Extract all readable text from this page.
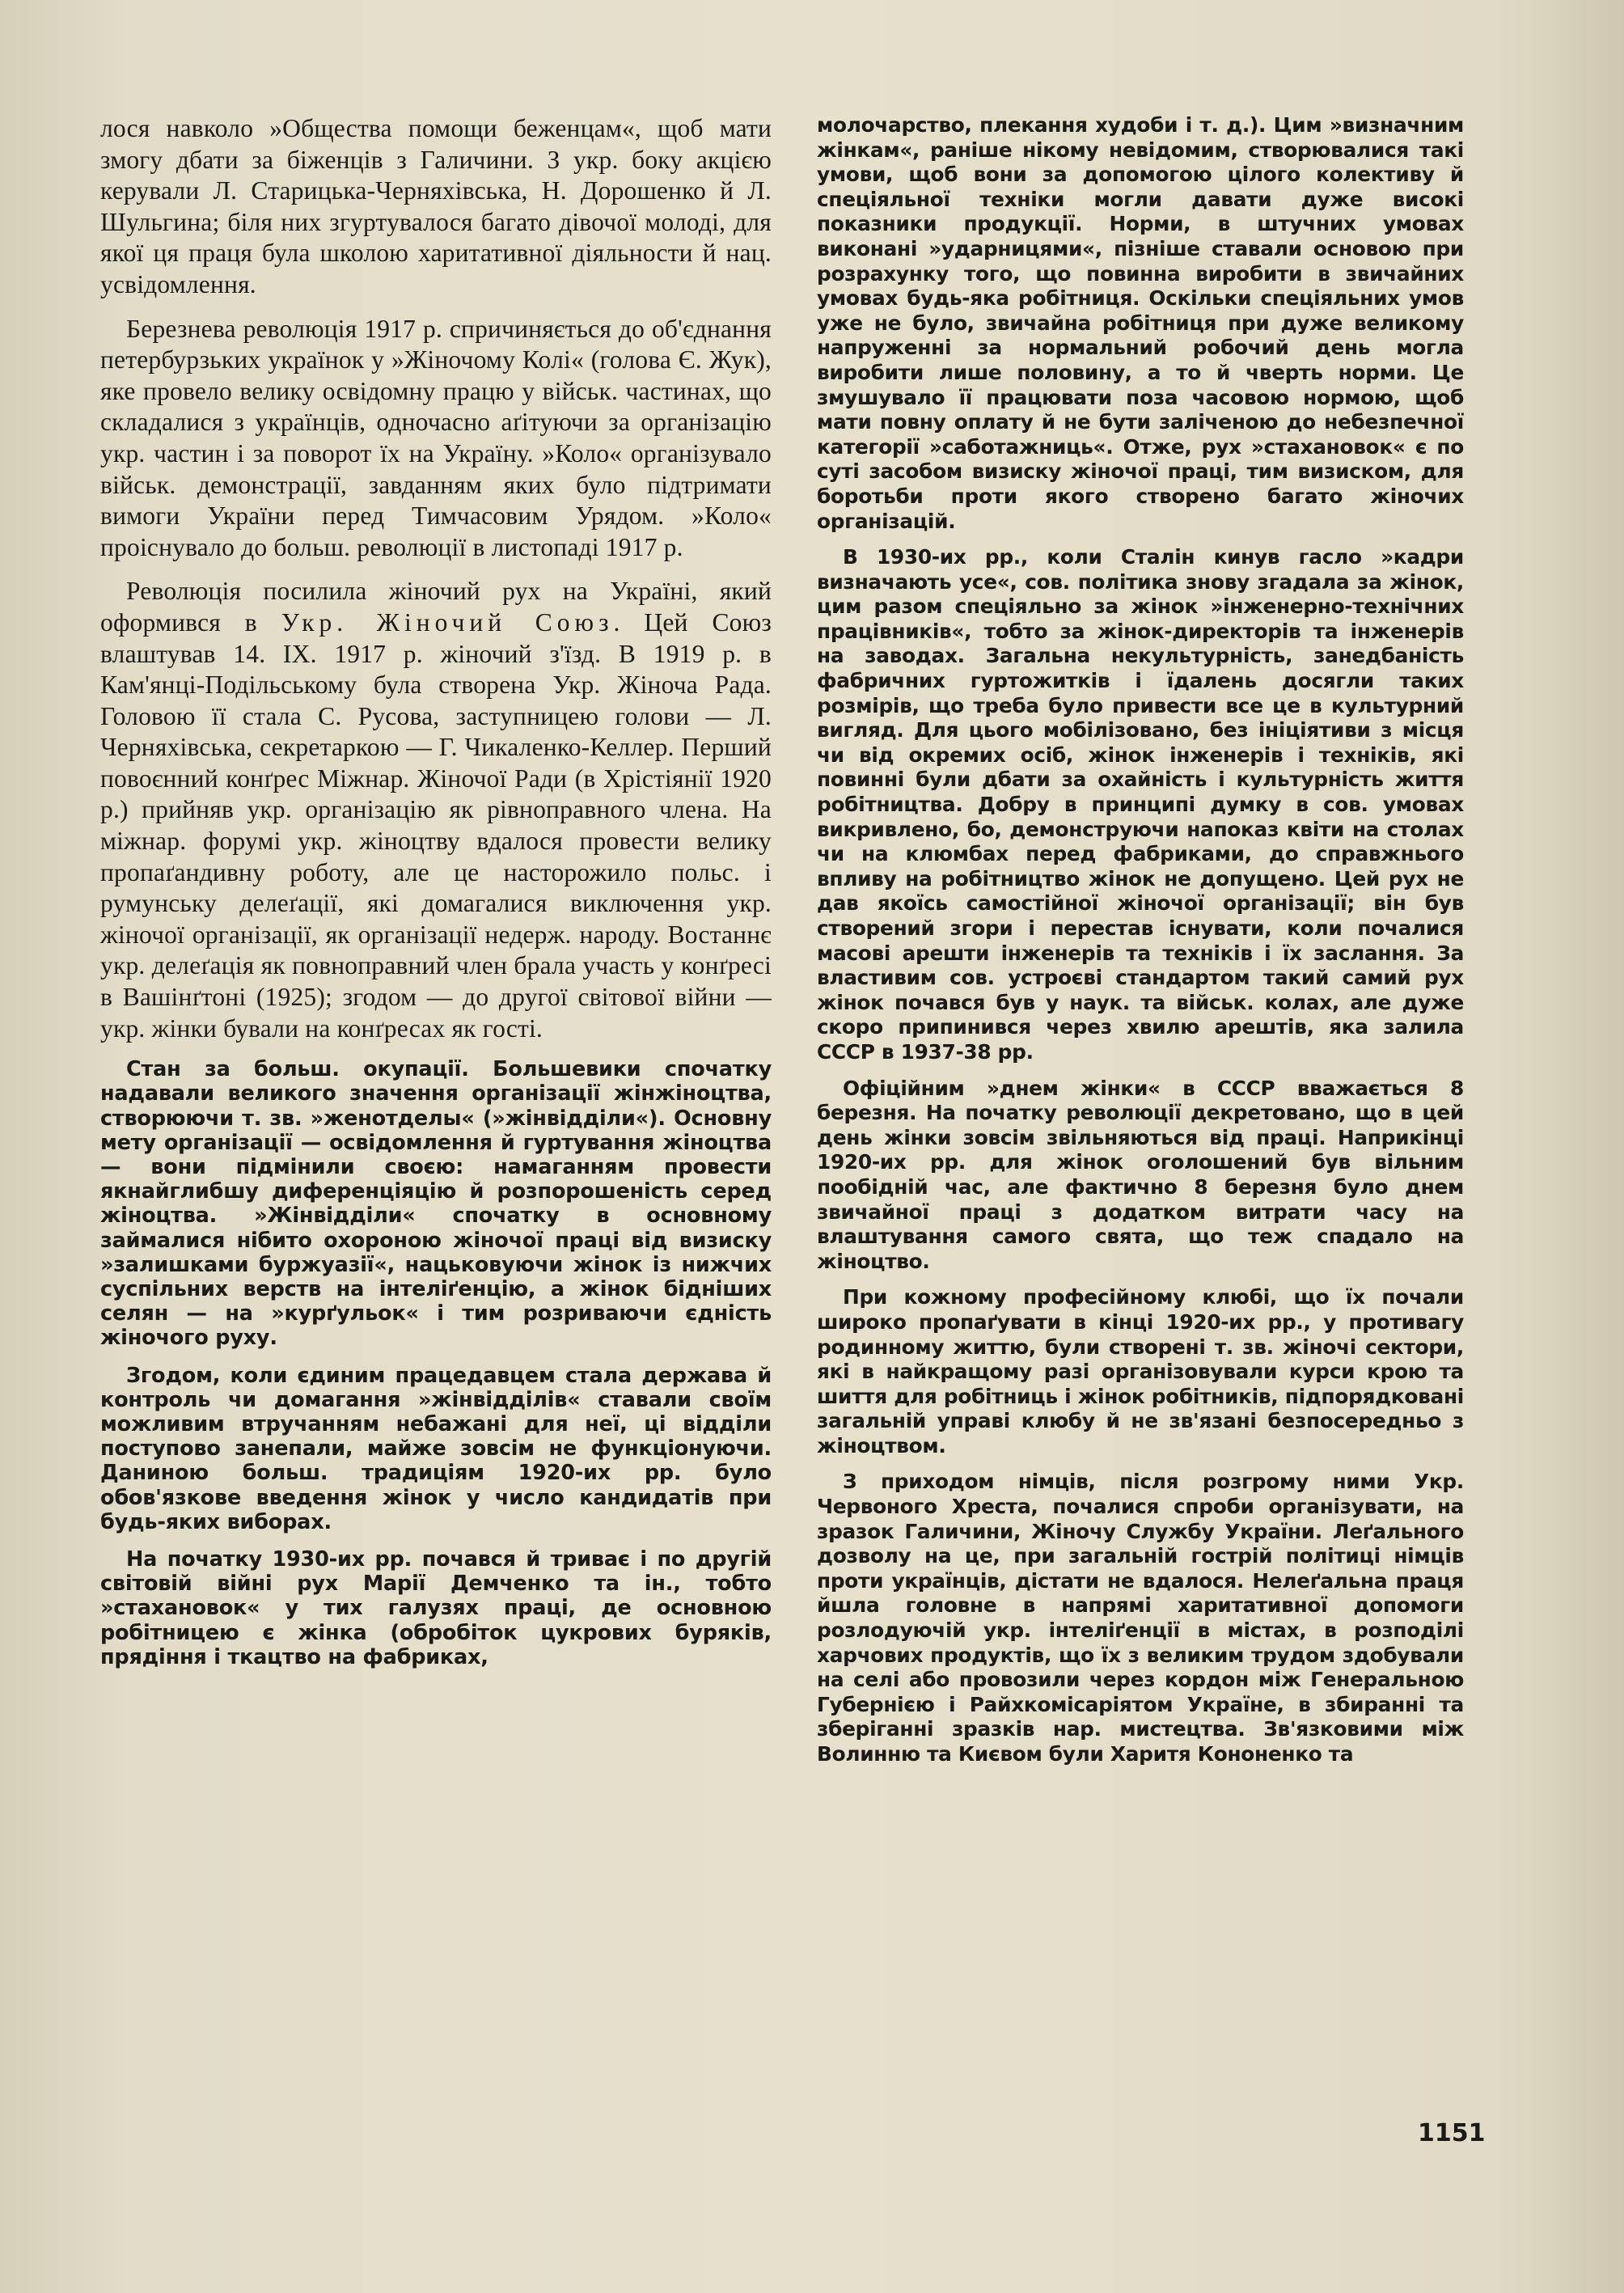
лося навколо »Общества помощи беженцам«, щоб мати змогу дбати за біженців з Галичини. З укр. боку акцією керували Л. Старицька-Черняхівська, Н. Дорошенко й Л. Шульгина; біля них згуртувалося багато дівочої молоді, для якої ця праця була школою харитативної діяльности й нац. усвідомлення.

Березнева революція 1917 р. спричиняється до об'єднання петербурзьких українок у »Жіночому Колі« (голова Є. Жук), яке провело велику освідомну працю у військ. частинах, що складалися з українців, одночасно аґітуючи за організацію укр. частин і за поворот їх на Україну. »Коло« організувало військ. демонстрації, завданням яких було підтримати вимоги України перед Тимчасовим Урядом. »Коло« проіснувало до больш. революції в листопаді 1917 р.

Революція посилила жіночий рух на Україні, який оформився в Укр. Жіночий Союз. Цей Союз влаштував 14. IX. 1917 р. жіночий з'їзд. В 1919 р. в Кам'янці-Подільському була створена Укр. Жіноча Рада. Головою її стала С. Русова, заступницею голови — Л. Черняхівська, секретаркою — Г. Чикаленко-Келлер. Перший повоєнний конґрес Міжнар. Жіночої Ради (в Хрістіянії 1920 р.) прийняв укр. організацію як рівноправного члена. На міжнар. форумі укр. жіноцтву вдалося провести велику пропаґандивну роботу, але це насторожило польс. і румунську делеґації, які домагалися виключення укр. жіночої організації, як організації недерж. народу. Востаннє укр. делеґація як повноправний член брала участь у конґресі в Вашінґтоні (1925); згодом — до другої світової війни — укр. жінки бували на конґресах як гості.

Стан за больш. окупації. Большевики спочатку надавали великого значення організації жінжіноцтва, створюючи т. зв. »женотделы« (»жінвідділи«). Основну мету організації — освідомлення й гуртування жіноцтва — вони підмінили своєю: намаганням провести якнайглибшу диференціяцію й розпорошеність серед жіноцтва. »Жінвідділи« спочатку в основному займалися нібито охороною жіночої праці від визиску »залишками буржуазії«, нацьковуючи жінок із нижчих суспільних верств на інтеліґенцію, а жінок бідніших селян — на »курґульок« і тим розриваючи єдність жіночого руху.

Згодом, коли єдиним працедавцем стала держава й контроль чи домагання »жінвідділів« ставали своїм можливим втручанням небажані для неї, ці відділи поступово занепали, майже зовсім не функціонуючи. Даниною больш. традиціям 1920-их рр. було обов'язкове введення жінок у число кандидатів при будь-яких виборах.

На початку 1930-их рр. почався й триває і по другій світовій війні рух Марії Демченко та ін., тобто »стахановок« у тих галузях праці, де основною робітницею є жінка (обробіток цукрових буряків, прядіння і ткацтво на фабриках,

молочарство, плекання худоби і т. д.). Цим »визначним жінкам«, раніше нікому невідомим, створювалися такі умови, щоб вони за допомогою цілого колективу й спеціяльної техніки могли давати дуже високі показники продукції. Норми, в штучних умовах виконані »ударницями«, пізніше ставали основою при розрахунку того, що повинна виробити в звичайних умовах будь-яка робітниця. Оскільки спеціяльних умов уже не було, звичайна робітниця при дуже великому напруженні за нормальний робочий день могла виробити лише половину, а то й чверть норми. Це змушувало її працювати поза часовою нормою, щоб мати повну оплату й не бути заліченою до небезпечної категорії »саботажниць«. Отже, рух »стахановок« є по суті засобом визиску жіночої праці, тим визиском, для боротьби проти якого створено багато жіночих організацій.

В 1930-их рр., коли Сталін кинув гасло »кадри визначають усе«, сов. політика знову згадала за жінок, цим разом спеціяльно за жінок »інженерно-технічних працівників«, тобто за жінок-директорів та інженерів на заводах. Загальна некультурність, занедбаність фабричних гуртожитків і їдалень досягли таких розмірів, що треба було привести все це в культурний вигляд. Для цього мобілізовано, без ініціятиви з місця чи від окремих осіб, жінок інженерів і техніків, які повинні були дбати за охайність і культурність життя робітництва. Добру в принципі думку в сов. умовах викривлено, бо, демонструючи напоказ квіти на столах чи на клюмбах перед фабриками, до справжнього впливу на робітництво жінок не допущено. Цей рух не дав якоїсь самостійної жіночої організації; він був створений згори і перестав існувати, коли почалися масові арешти інженерів та техніків і їх заслання. За властивим сов. устроєві стандартом такий самий рух жінок почався був у наук. та військ. колах, але дуже скоро припинився через хвилю арештів, яка залила СССР в 1937-38 рр.

Офіційним »днем жінки« в СССР вважається 8 березня. На початку революції декретовано, що в цей день жінки зовсім звільняються від праці. Наприкінці 1920-их рр. для жінок оголошений був вільним пообідній час, але фактично 8 березня було днем звичайної праці з додатком витрати часу на влаштування самого свята, що теж спадало на жіноцтво.

При кожному професійному клюбі, що їх почали широко пропаґувати в кінці 1920-их рр., у противагу родинному життю, були створені т. зв. жіночі сектори, які в найкращому разі організовували курси крою та шиття для робітниць і жінок робітників, підпорядковані загальній управі клюбу й не зв'язані безпосередньо з жіноцтвом.

З приходом німців, після розгрому ними Укр. Червоного Хреста, почалися спроби організувати, на зразок Галичини, Жіночу Службу України. Леґального дозволу на це, при загальній гострій політиці німців проти українців, дістати не вдалося. Нелеґальна праця йшла головне в напрямі харитативної допомоги розлодуючій укр. інтеліґенції в містах, в розподілі харчових продуктів, що їх з великим трудом здобували на селі або провозили через кордон між Генеральною Губернією і Райхкомісаріятом Україне, в збиранні та зберіганні зразків нар. мистецтва. Зв'язковими між Волинню та Києвом були Харитя Кононенко та

1151
